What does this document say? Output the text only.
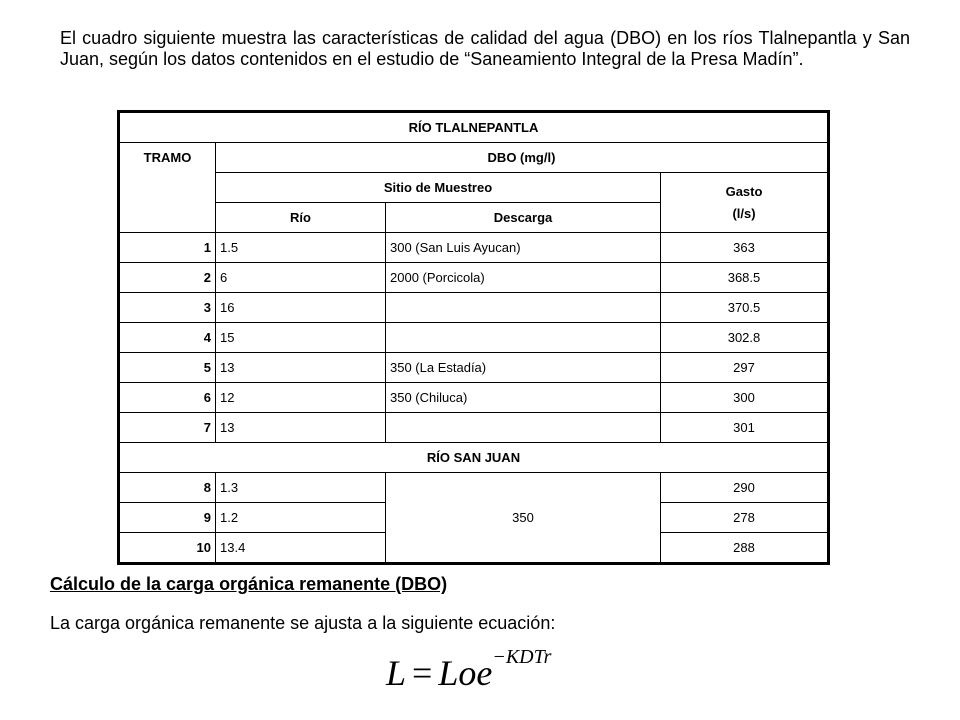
El cuadro siguiente muestra las características de calidad del agua (DBO) en los ríos Tlalnepantla y San Juan, según los datos contenidos en el estudio de “Saneamiento Integral de la Presa Madín”.

RÍO TLALNEPANTLA			
TRAMO	DBO (mg/l)		
	Sitio de Muestreo		Gasto
(l/s)

	Río	Descarga	
1	1.5	300 (San Luis Ayucan)	363
2	6	2000 (Porcicola)	368.5
3	16		370.5
4	15		302.8
5	13	350 (La Estadía)	297
6	12	350 (Chiluca)	300
7	13		301
RÍO SAN JUAN			
8	1.3	350	290
9	1.2		278
10	13.4		288

Cálculo de la carga orgánica remanente (DBO)

La carga orgánica remanente se ajusta a la siguiente ecuación:

L = Loe$^{-KDTr}$
